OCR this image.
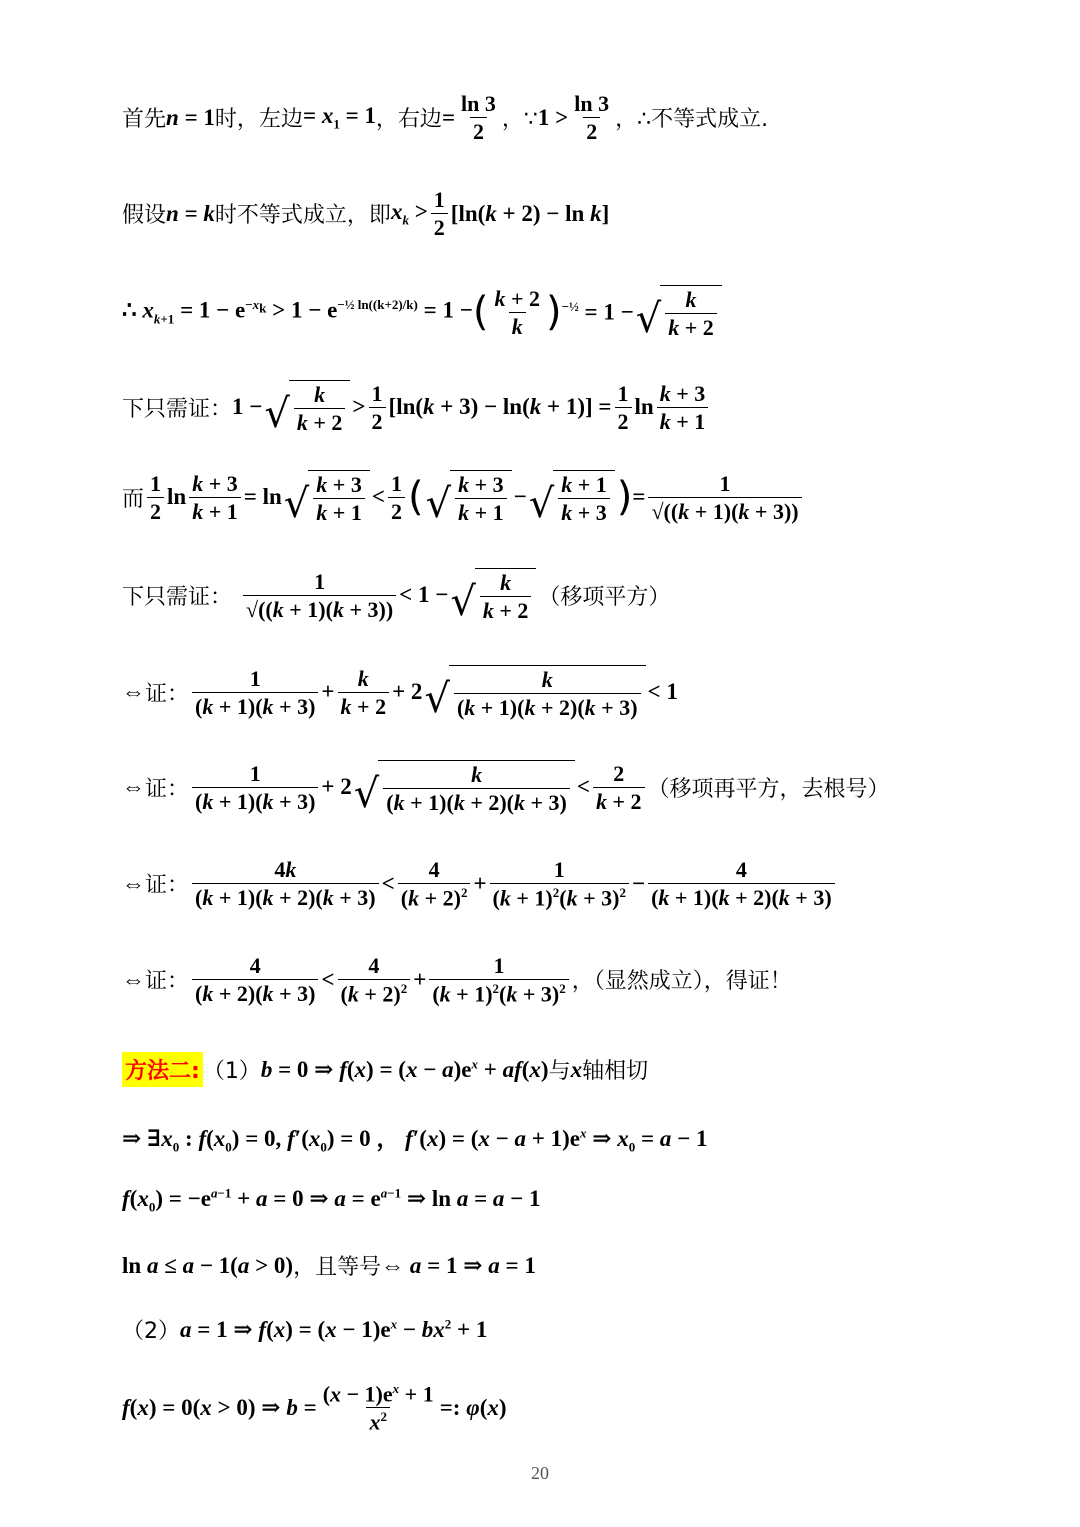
首先 n = 1 时， 左边 = $x_1 = 1$ ，右边 = $\frac{\ln 3}{2}$ ，∵ $1 > \frac{\ln 3}{2}$ ，∴不等式成立.
假设 n = k 时不等式成立，即 $x_k > \frac{1}{2} [\ln(k + 2) - \ln k]$
∴ $x_{k+1} = 1 - e^{-x_k} > 1 - e^{-\frac{1}{2} ln((k+2)/k)} = 1$ − ( $\frac{k + 2}{k}$ ) $^{-\frac{1}{2}}$ = 1 − √ $\frac{k}{k + 2}$
下只需证： 1 − √ $\frac{k}{k + 2} > \frac{1}{2} [\ln(k + 3) - \ln(k + 1)] = \frac{1}{2}$ $\ln \frac{k + 3}{k + 1}$
而 $\frac{1}{2}$ $\ln \frac{k + 3}{k + 1} = \ln$ √ $\frac{k + 3}{k + 1} < \frac{1}{2}$ ( √ $\frac{k + 3}{k + 1}$ − √ $\frac{k + 1}{k + 3}$ ) = $\frac{1}{√((k + 1)(k + 3))}$
下只需证： $\frac{1}{√((k + 1)(k + 3))} < 1$ − √ $\frac{k}{k + 2}$ （移项平方）
⇔ 证： $\frac{1}{(k + 1)(k + 3)} + \frac{k}{k + 2} + 2$ √ $\frac{k}{(k + 1)(k + 2)(k + 3)} < 1$
⇔ 证： $\frac{1}{(k + 1)(k + 3)} + 2$ √ $\frac{k}{(k + 1)(k + 2)(k + 3)} < \frac{2}{k + 2}$ （移项再平方，去根号）
⇔ 证： $\frac{4k}{(k + 1)(k + 2)(k + 3)} < \frac{4}{(k + 2)^2} + \frac{1}{(k + 1)^2(k + 3)^2} - \frac{4}{(k + 1)(k + 2)(k + 3)}$
⇔ 证： $\frac{4}{(k + 2)(k + 3)} < \frac{4}{(k + 2)^2} + \frac{1}{(k + 1)^2(k + 3)^2}$ ，（显然成立），得证！
方法二: （1） b = 0 ⇒ $f(x) = (x - a)e^x + af(x)$ 与 x 轴相切
⇒ $\exists x_0$ : $f(x_0) = 0$, $f'(x_0) = 0$ ， $f'(x) = (x - a + 1)e^x$ ⇒ $x_0 = a - 1$
$f(x_0) = -e^{a-1} + a = 0$ ⇒ $a = e^{a-1}$ ⇒ ln a = a − 1
ln a ≤ a − 1(a > 0) ，且等号 ⇔ a = 1 ⇒ a = 1
（2） a = 1 ⇒ $f(x) = (x - 1)e^x - bx^2 + 1$
f(x) = 0(x > 0) ⇒ $b = \frac{(x - 1)e^x + 1}{x^2}$ =: φ(x)
20
